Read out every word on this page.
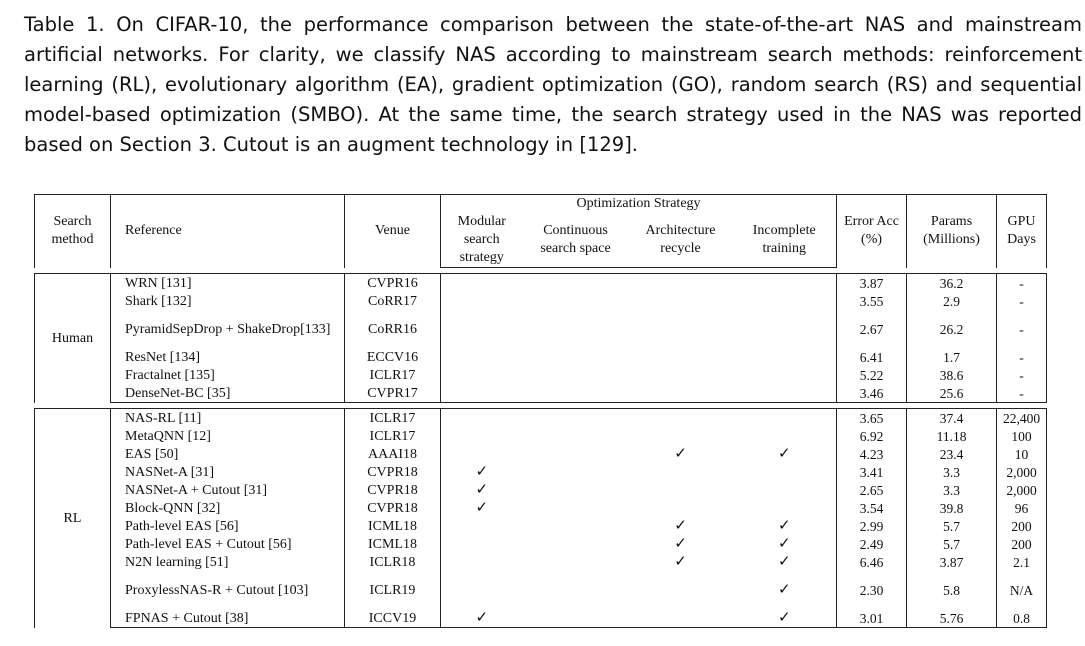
Table 1. On CIFAR-10, the performance comparison between the state-of-the-art NAS and mainstream artificial networks. For clarity, we classify NAS according to mainstream search methods: reinforcement learning (RL), evolutionary algorithm (EA), gradient optimization (GO), random search (RS) and sequential model-based optimization (SMBO). At the same time, the search strategy used in the NAS was reported based on Section 3. Cutout is an augment technology in [129].
Search method	Reference	Venue	Optimization Strategy				Error Acc (%)	Params (Millions)	GPU Days
			Modular search strategy	Continuous search space	Architecture recycle	Incomplete training			

Human	WRN [131]	CVPR16					3.87	36.2	-
	Shark [132]	CoRR17					3.55	2.9	-
	PyramidSepDrop + ShakeDrop[133]	CoRR16					2.67	26.2	-
	ResNet [134]	ECCV16					6.41	1.7	-
	Fractalnet [135]	ICLR17					5.22	38.6	-
	DenseNet-BC [35]	CVPR17					3.46	25.6	-

RL	NAS-RL [11]	ICLR17					3.65	37.4	22,400
	MetaQNN [12]	ICLR17					6.92	11.18	100
	EAS [50]	AAAI18			✓	✓	4.23	23.4	10
	NASNet-A [31]	CVPR18	✓				3.41	3.3	2,000
	NASNet-A + Cutout [31]	CVPR18	✓				2.65	3.3	2,000
	Block-QNN [32]	CVPR18	✓				3.54	39.8	96
	Path-level EAS [56]	ICML18			✓	✓	2.99	5.7	200
	Path-level EAS + Cutout [56]	ICML18			✓	✓	2.49	5.7	200
	N2N learning [51]	ICLR18			✓	✓	6.46	3.87	2.1
	ProxylessNAS-R + Cutout [103]	ICLR19				✓	2.30	5.8	N/A
	FPNAS + Cutout [38]	ICCV19	✓			✓	3.01	5.76	0.8
